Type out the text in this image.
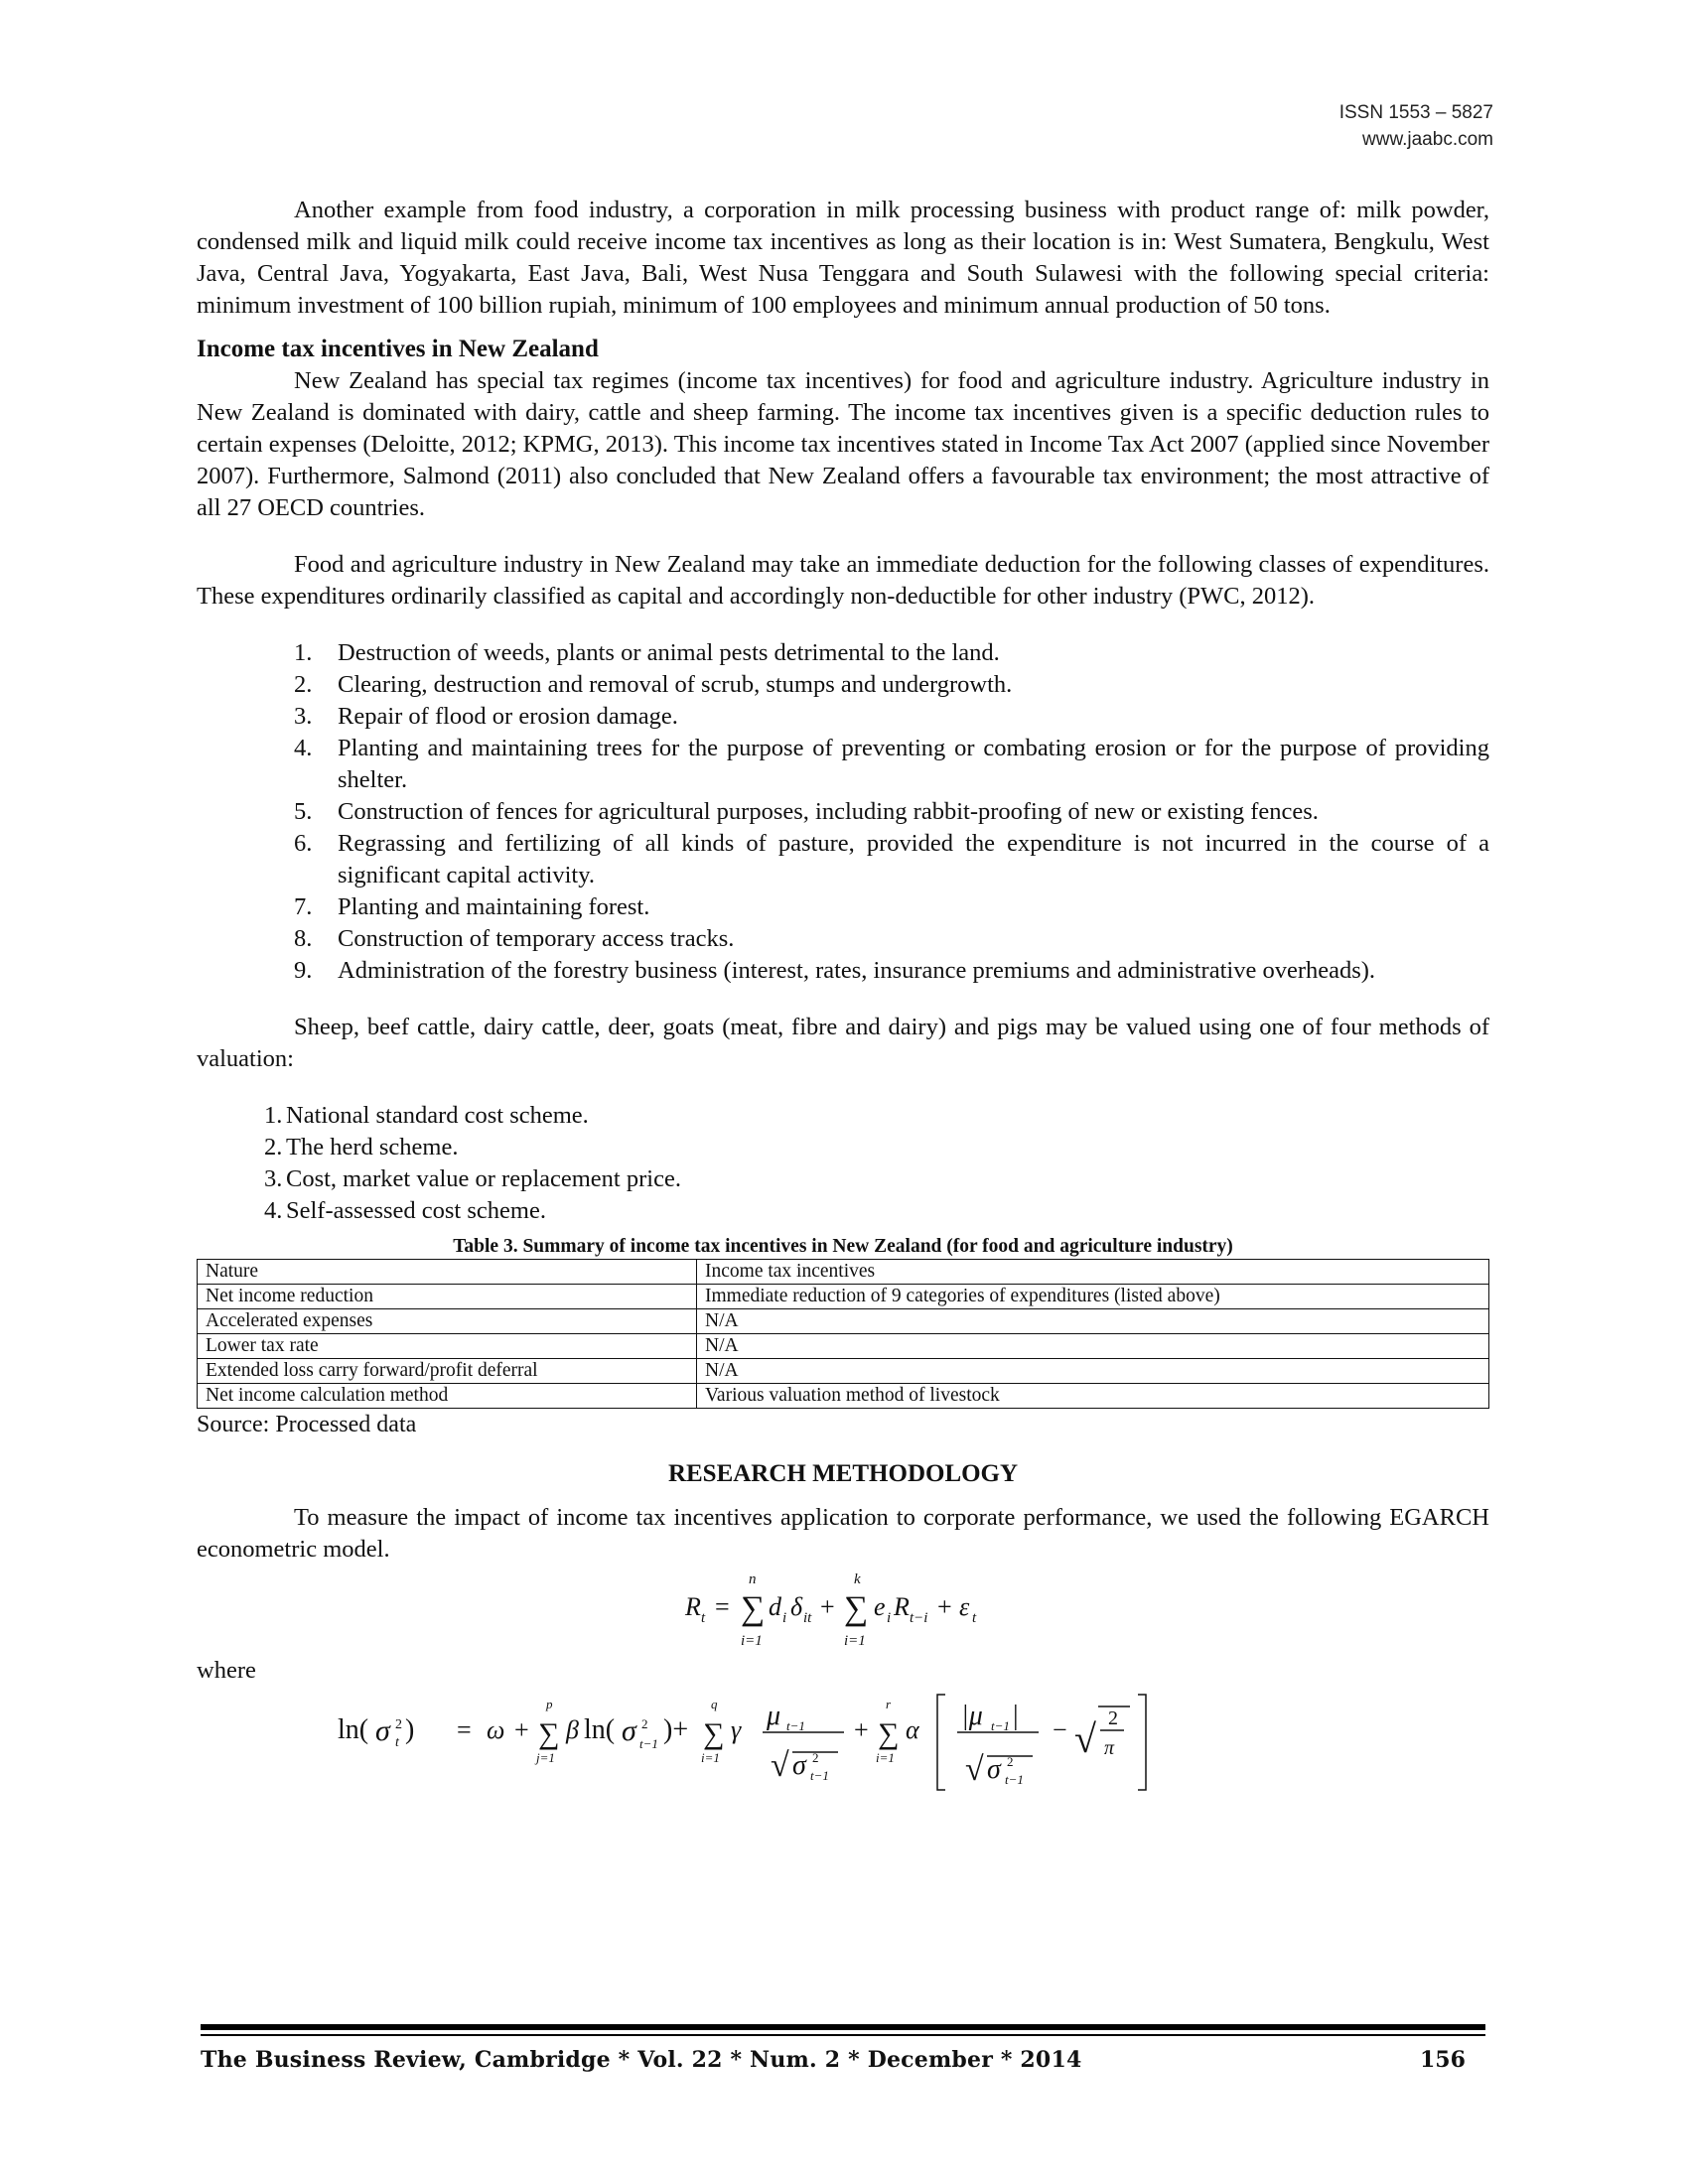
ISSN 1553 – 5827
www.jaabc.com

Another example from food industry, a corporation in milk processing business with product range of: milk powder, condensed milk and liquid milk could receive income tax incentives as long as their location is in: West Sumatera, Bengkulu, West Java, Central Java, Yogyakarta, East Java, Bali, West Nusa Tenggara and South Sulawesi with the following special criteria: minimum investment of 100 billion rupiah, minimum of 100 employees and minimum annual production of 50 tons.

Income tax incentives in New Zealand

New Zealand has special tax regimes (income tax incentives) for food and agriculture industry. Agriculture industry in New Zealand is dominated with dairy, cattle and sheep farming. The income tax incentives given is a specific deduction rules to certain expenses (Deloitte, 2012; KPMG, 2013). This income tax incentives stated in Income Tax Act 2007 (applied since November 2007). Furthermore, Salmond (2011) also concluded that New Zealand offers a favourable tax environment; the most attractive of all 27 OECD countries.

Food and agriculture industry in New Zealand may take an immediate deduction for the following classes of expenditures. These expenditures ordinarily classified as capital and accordingly non-deductible for other industry (PWC, 2012).

1. Destruction of weeds, plants or animal pests detrimental to the land.
2. Clearing, destruction and removal of scrub, stumps and undergrowth.
3. Repair of flood or erosion damage.
4. Planting and maintaining trees for the purpose of preventing or combating erosion or for the purpose of providing shelter.
5. Construction of fences for agricultural purposes, including rabbit-proofing of new or existing fences.
6. Regrassing and fertilizing of all kinds of pasture, provided the expenditure is not incurred in the course of a significant capital activity.
7. Planting and maintaining forest.
8. Construction of temporary access tracks.
9. Administration of the forestry business (interest, rates, insurance premiums and administrative overheads).

Sheep, beef cattle, dairy cattle, deer, goats (meat, fibre and dairy) and pigs may be valued using one of four methods of valuation:

1. National standard cost scheme.
2. The herd scheme.
3. Cost, market value or replacement price.
4. Self-assessed cost scheme.
Table 3. Summary of income tax incentives in New Zealand (for food and agriculture industry)
Nature	Income tax incentives
Net income reduction	Immediate reduction of 9 categories of expenditures (listed above)
Accelerated expenses	N/A
Lower tax rate	N/A
Extended loss carry forward/profit deferral	N/A
Net income calculation method	Various valuation method of livestock
Source: Processed data
RESEARCH METHODOLOGY

To measure the impact of income tax incentives application to corporate performance, we used the following EGARCH econometric model.

R t = ∑
n
i=1
d i δ it + ∑
k
i=1
e i R t−i + ε t
where
ln( σ 2
t ) = ω + ∑
p
j=1
β ln( σ 2
t−1 )+ ∑
q
i=1
γ μ t−1
√ σ 2
t−1
+ ∑
r
i=1
α |μ t−1 |
√ σ 2
t−1
− √ 2
π
The Business Review, Cambridge * Vol. 22 * Num. 2 * December * 2014	156
